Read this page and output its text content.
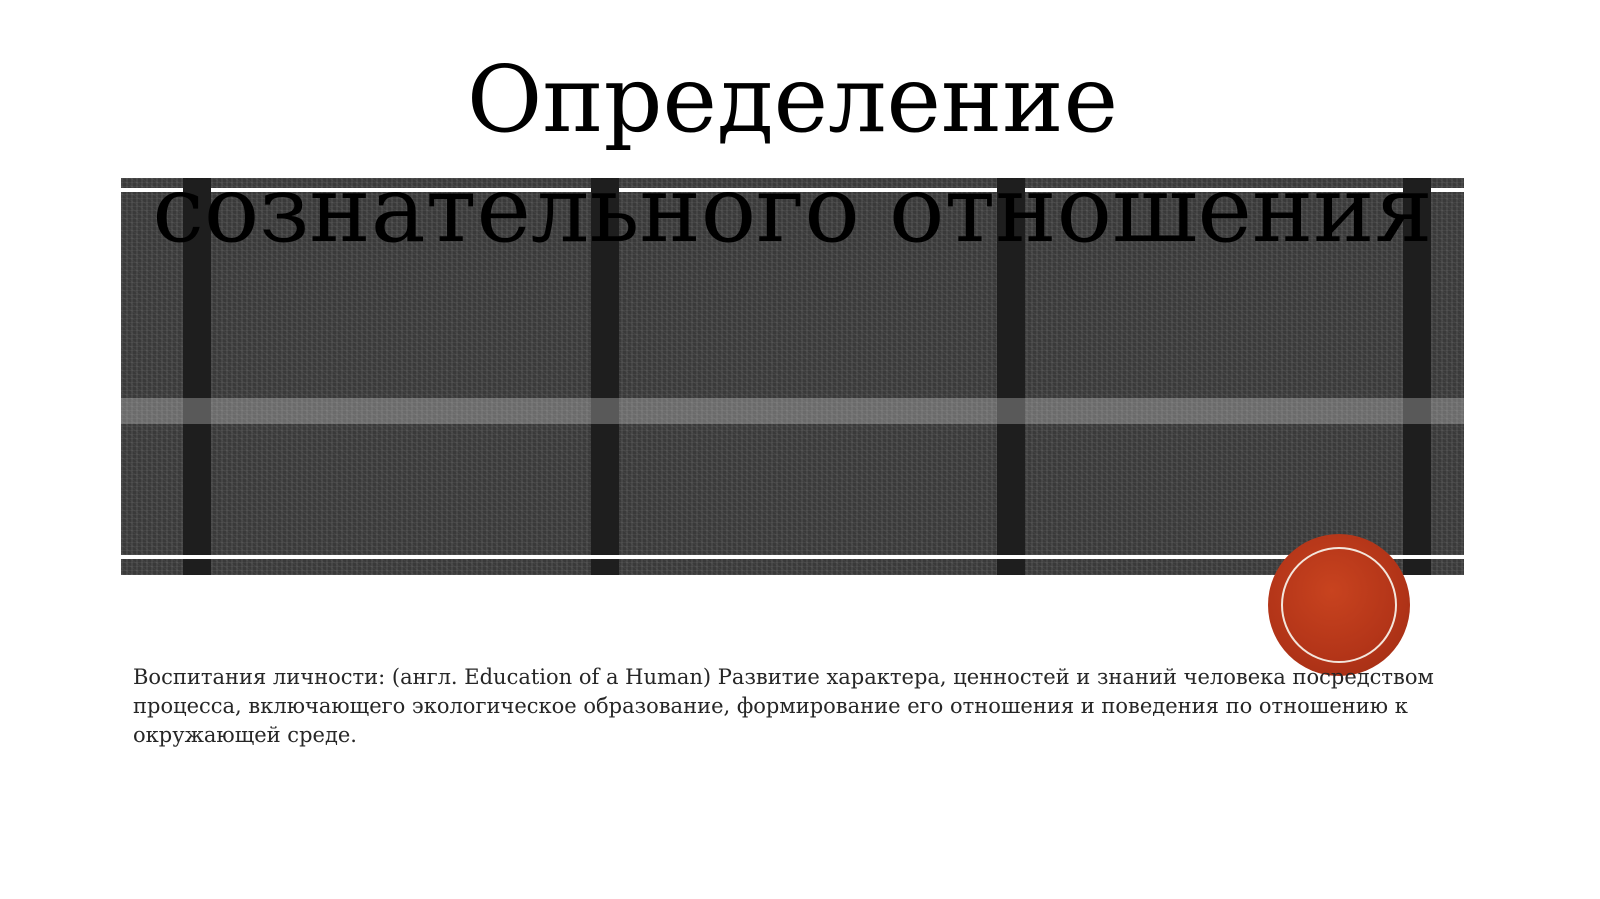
Определение сознательного отношения

Воспитания личности: (англ. Education of a Human) Развитие характера, ценностей и знаний человека посредством процесса, включающего экологическое образование, формирование его отношения и поведения по отношению к окружающей среде.
